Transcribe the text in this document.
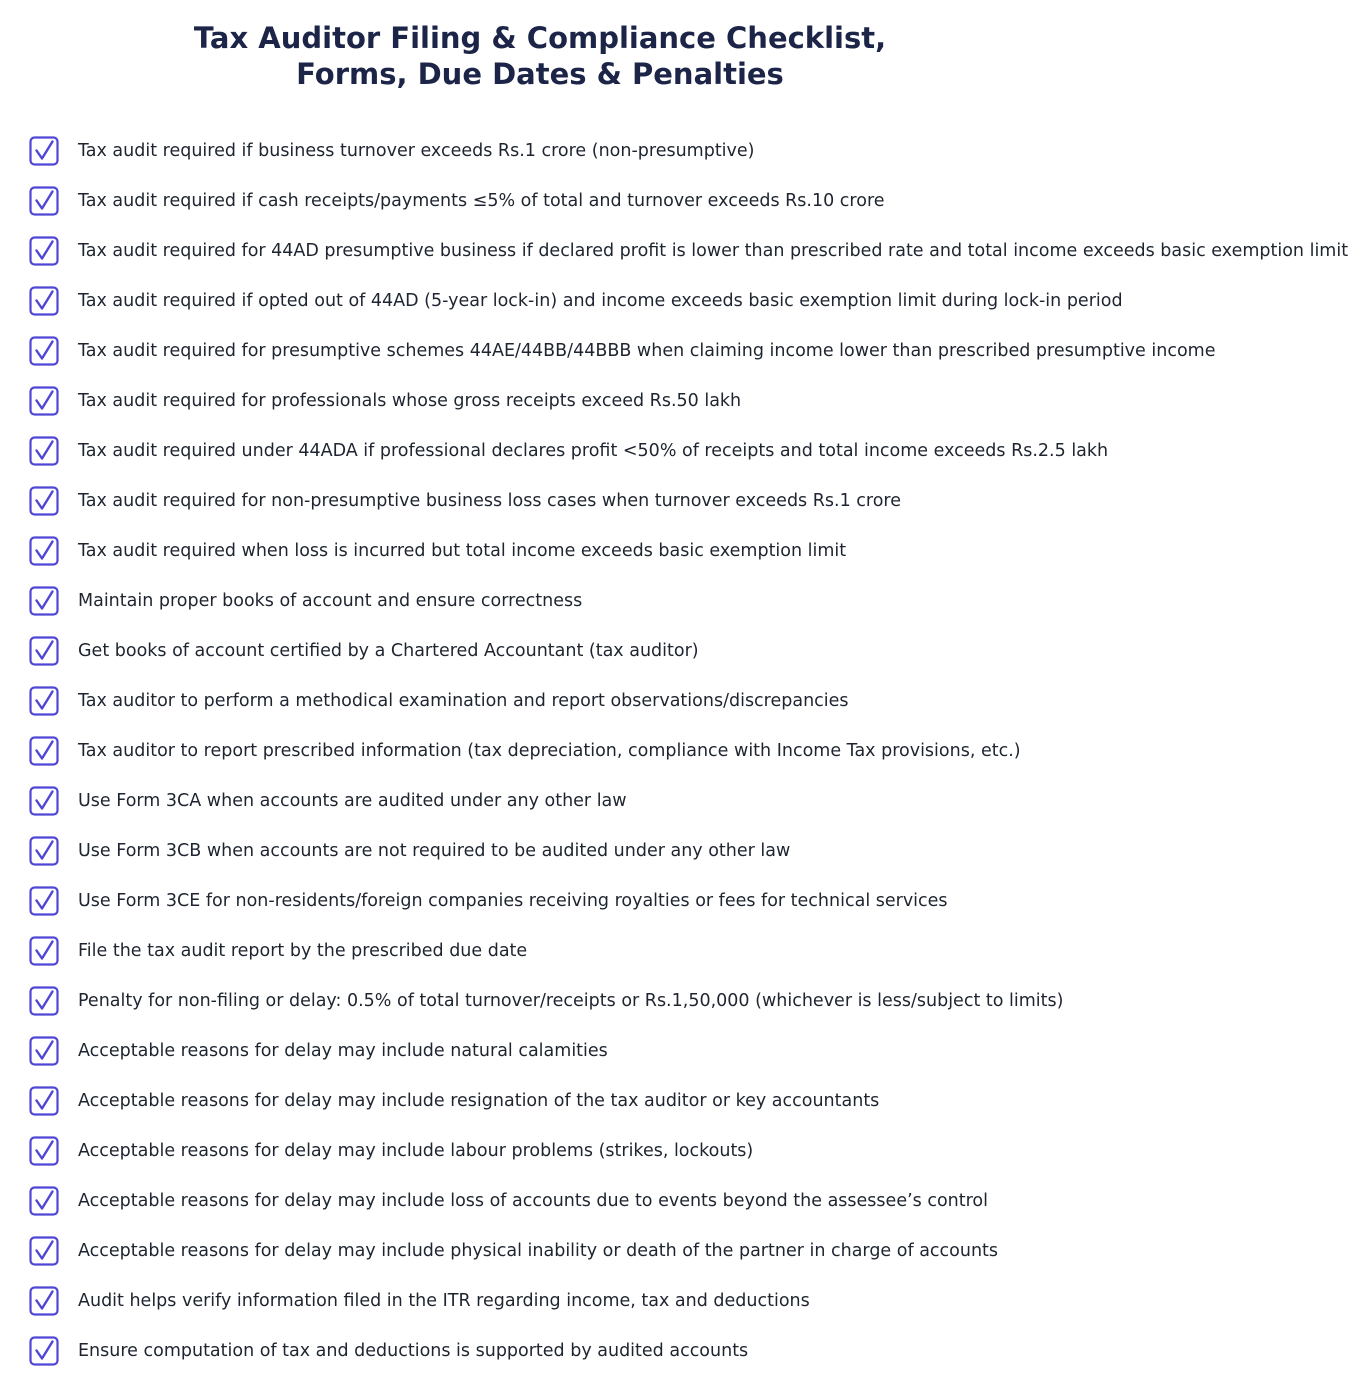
Tax Auditor Filing & Compliance Checklist,
Forms, Due Dates & Penalties
Tax audit required if business turnover exceeds Rs.1 crore (non-presumptive)
Tax audit required if cash receipts/payments ≤5% of total and turnover exceeds Rs.10 crore
Tax audit required for 44AD presumptive business if declared profit is lower than prescribed rate and total income exceeds basic exemption limit
Tax audit required if opted out of 44AD (5-year lock-in) and income exceeds basic exemption limit during lock-in period
Tax audit required for presumptive schemes 44AE/44BB/44BBB when claiming income lower than prescribed presumptive income
Tax audit required for professionals whose gross receipts exceed Rs.50 lakh
Tax audit required under 44ADA if professional declares profit <50% of receipts and total income exceeds Rs.2.5 lakh
Tax audit required for non-presumptive business loss cases when turnover exceeds Rs.1 crore
Tax audit required when loss is incurred but total income exceeds basic exemption limit
Maintain proper books of account and ensure correctness
Get books of account certified by a Chartered Accountant (tax auditor)
Tax auditor to perform a methodical examination and report observations/discrepancies
Tax auditor to report prescribed information (tax depreciation, compliance with Income Tax provisions, etc.)
Use Form 3CA when accounts are audited under any other law
Use Form 3CB when accounts are not required to be audited under any other law
Use Form 3CE for non-residents/foreign companies receiving royalties or fees for technical services
File the tax audit report by the prescribed due date
Penalty for non-filing or delay: 0.5% of total turnover/receipts or Rs.1,50,000 (whichever is less/subject to limits)
Acceptable reasons for delay may include natural calamities
Acceptable reasons for delay may include resignation of the tax auditor or key accountants
Acceptable reasons for delay may include labour problems (strikes, lockouts)
Acceptable reasons for delay may include loss of accounts due to events beyond the assessee’s control
Acceptable reasons for delay may include physical inability or death of the partner in charge of accounts
Audit helps verify information filed in the ITR regarding income, tax and deductions
Ensure computation of tax and deductions is supported by audited accounts
